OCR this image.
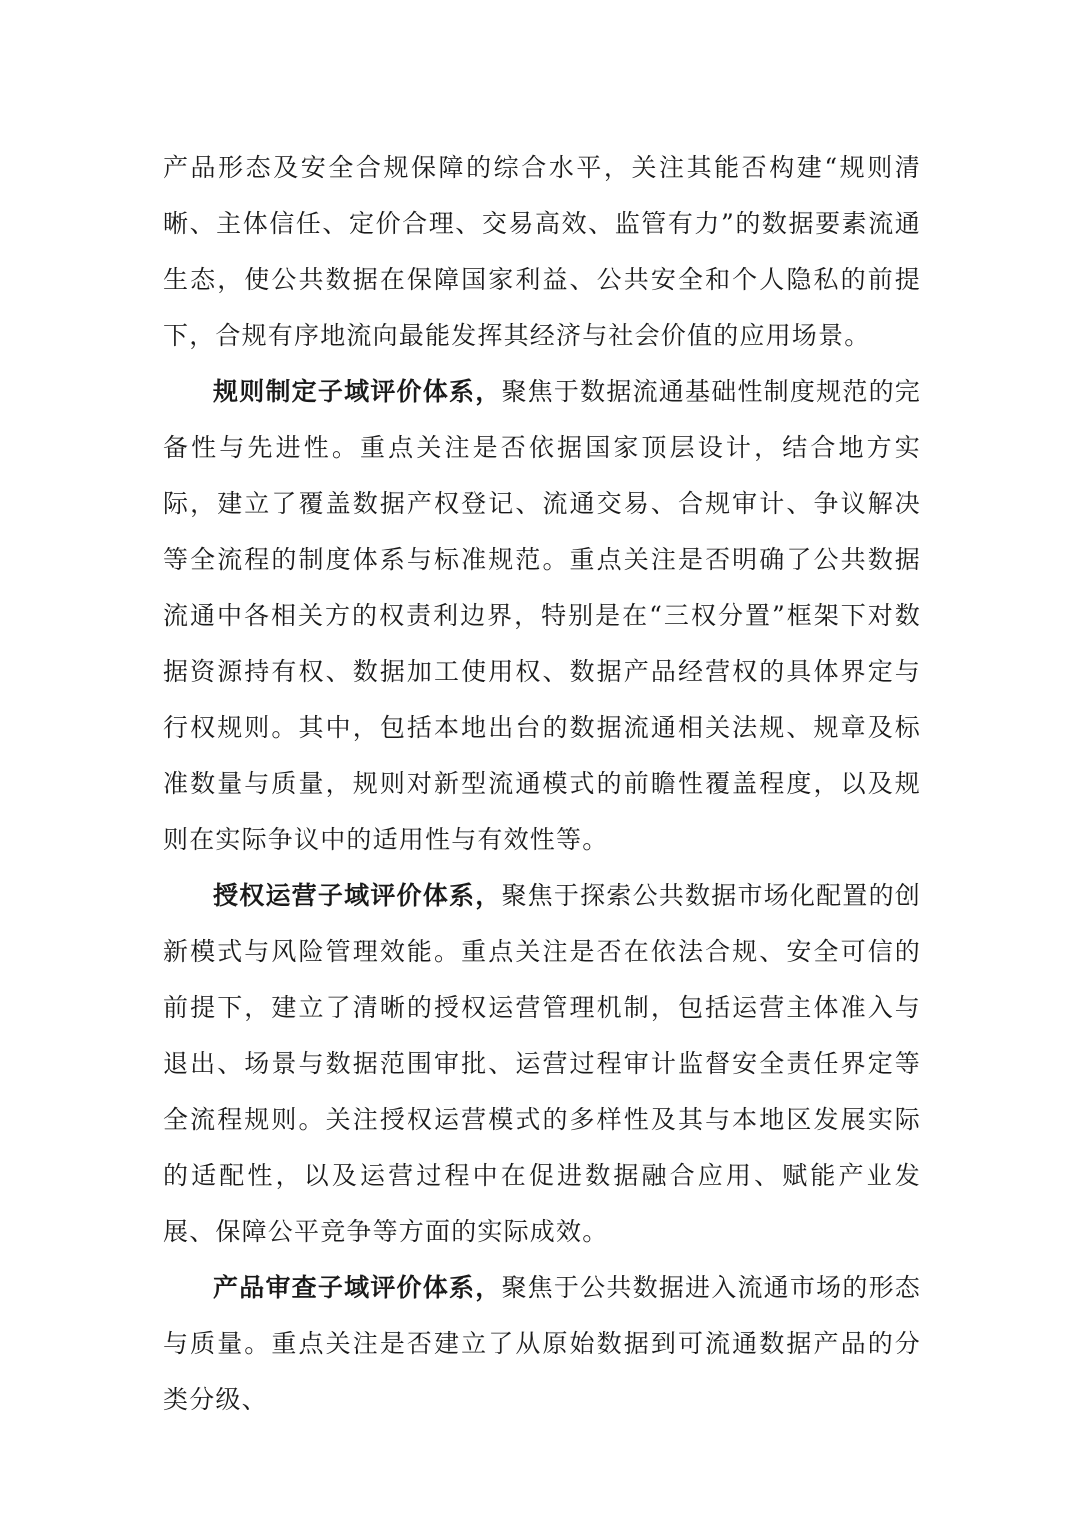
产品形态及安全合规保障的综合水平，关注其能否构建“规则清晰、主体信任、定价合理、交易高效、监管有力”的数据要素流通生态，使公共数据在保障国家利益、公共安全和个人隐私的前提下，合规有序地流向最能发挥其经济与社会价值的应用场景。

规则制定子域评价体系，聚焦于数据流通基础性制度规范的完备性与先进性。重点关注是否依据国家顶层设计，结合地方实际，建立了覆盖数据产权登记、流通交易、合规审计、争议解决等全流程的制度体系与标准规范。重点关注是否明确了公共数据流通中各相关方的权责利边界，特别是在“三权分置”框架下对数据资源持有权、数据加工使用权、数据产品经营权的具体界定与行权规则。其中，包括本地出台的数据流通相关法规、规章及标准数量与质量，规则对新型流通模式的前瞻性覆盖程度，以及规则在实际争议中的适用性与有效性等。

授权运营子域评价体系，聚焦于探索公共数据市场化配置的创新模式与风险管理效能。重点关注是否在依法合规、安全可信的前提下，建立了清晰的授权运营管理机制，包括运营主体准入与退出、场景与数据范围审批、运营过程审计监督安全责任界定等全流程规则。关注授权运营模式的多样性及其与本地区发展实际的适配性，以及运营过程中在促进数据融合应用、赋能产业发展、保障公平竞争等方面的实际成效。

产品审查子域评价体系，聚焦于公共数据进入流通市场的形态与质量。重点关注是否建立了从原始数据到可流通数据产品的分类分级、
